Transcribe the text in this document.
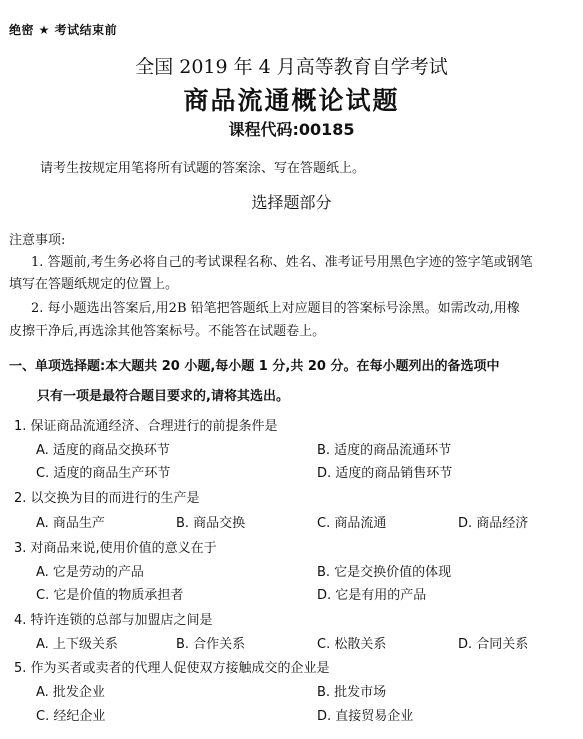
绝密 ★ 考试结束前
全国 2019 年 4 月高等教育自学考试
商品流通概论试题
课程代码:00185
请考生按规定用笔将所有试题的答案涂、写在答题纸上。
选择题部分
注意事项:
1. 答题前,考生务必将自己的考试课程名称、姓名、准考证号用黑色字迹的签字笔或钢笔
填写在答题纸规定的位置上。
2. 每小题选出答案后,用2B 铅笔把答题纸上对应题目的答案标号涂黑。如需改动,用橡
皮擦干净后,再选涂其他答案标号。不能答在试题卷上。
一、单项选择题:本大题共 20 小题,每小题 1 分,共 20 分。在每小题列出的备选项中
只有一项是最符合题目要求的,请将其选出。
1. 保证商品流通经济、合理进行的前提条件是
A. 适度的商品交换环节	B. 适度的商品流通环节
C. 适度的商品生产环节	D. 适度的商品销售环节
2. 以交换为目的而进行的生产是
A. 商品生产	B. 商品交换	C. 商品流通	D. 商品经济
3. 对商品来说,使用价值的意义在于
A. 它是劳动的产品	B. 它是交换价值的体现
C. 它是价值的物质承担者	D. 它是有用的产品
4. 特许连锁的总部与加盟店之间是
A. 上下级关系	B. 合作关系	C. 松散关系	D. 合同关系
5. 作为买者或卖者的代理人促使双方接触成交的企业是
A. 批发企业	B. 批发市场
C. 经纪企业	D. 直接贸易企业
